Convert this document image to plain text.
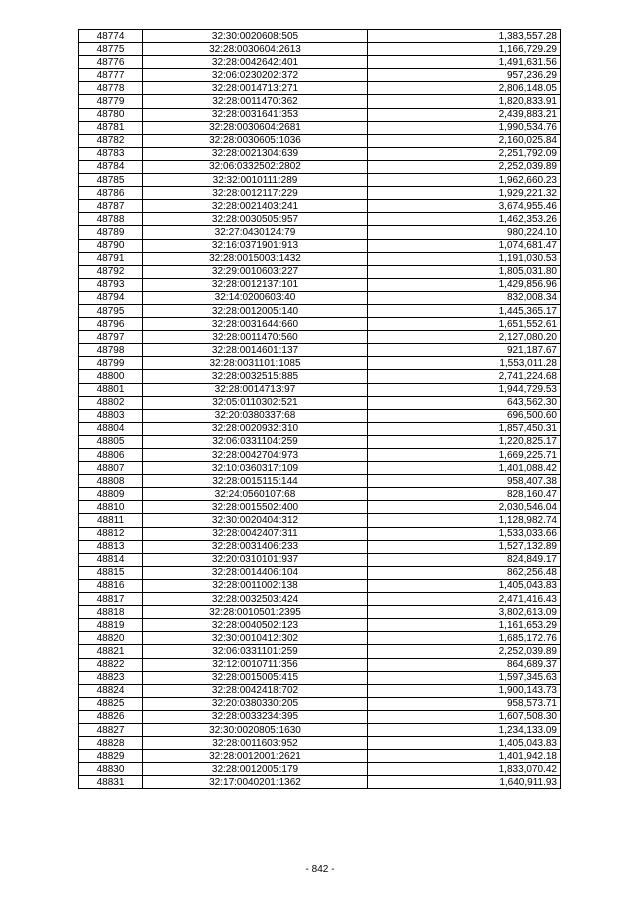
48774	32:30:0020608:505	1,383,557.28
48775	32:28:0030604:2613	1,166,729.29
48776	32:28:0042642:401	1,491,631.56
48777	32:06:0230202:372	957,236.29
48778	32:28:0014713:271	2,806,148.05
48779	32:28:0011470:362	1,820,833.91
48780	32:28:0031641:353	2,439,883.21
48781	32:28:0030604:2681	1,990,534.76
48782	32:28:0030605:1036	2,160,025.84
48783	32:28:0021304:639	2,251,792.09
48784	32:06:0332502:2802	2,252,039.89
48785	32:32:0010111:289	1,962,660.23
48786	32:28:0012117:229	1,929,221.32
48787	32:28:0021403:241	3,674,955.46
48788	32:28:0030505:957	1,462,353.26
48789	32:27:0430124:79	980,224.10
48790	32:16:0371901:913	1,074,681.47
48791	32:28:0015003:1432	1,191,030.53
48792	32:29:0010603:227	1,805,031.80
48793	32:28:0012137:101	1,429,856.96
48794	32:14:0200603:40	832,008.34
48795	32:28:0012005:140	1,445,365.17
48796	32:28:0031644:660	1,651,552.61
48797	32:28:0011470:560	2,127,080.20
48798	32:28:0014601:137	921,187.67
48799	32:28:0031101:1085	1,553,011.28
48800	32:28:0032515:885	2,741,224.68
48801	32:28:0014713:97	1,944,729.53
48802	32:05:0110302:521	643,562.30
48803	32:20:0380337:68	696,500.60
48804	32:28:0020932:310	1,857,450.31
48805	32:06:0331104:259	1,220,825.17
48806	32:28:0042704:973	1,669,225.71
48807	32:10:0360317:109	1,401,088.42
48808	32:28:0015115:144	958,407.38
48809	32:24:0560107:68	828,160.47
48810	32:28:0015502:400	2,030,546.04
48811	32:30:0020404:312	1,128,982.74
48812	32:28:0042407:311	1,533,033.66
48813	32:28:0031406:233	1,527,132.89
48814	32:20:0310101:937	824,849.17
48815	32:28:0014406:104	862,256.48
48816	32:28:0011002:138	1,405,043.83
48817	32:28:0032503:424	2,471,416.43
48818	32:28:0010501:2395	3,802,613.09
48819	32:28:0040502:123	1,161,653.29
48820	32:30:0010412:302	1,685,172.76
48821	32:06:0331101:259	2,252,039.89
48822	32:12:0010711:356	864,689.37
48823	32:28:0015005:415	1,597,345.63
48824	32:28:0042418:702	1,900,143.73
48825	32:20:0380330:205	958,573.71
48826	32:28:0033234:395	1,607,508.30
48827	32:30:0020805:1630	1,234,133.09
48828	32:28:0011603:952	1,405,043.83
48829	32:28:0012001:2621	1,401,942.18
48830	32:28:0012005:179	1,833,070.42
48831	32:17:0040201:1362	1,640,911.93
- 842 -
